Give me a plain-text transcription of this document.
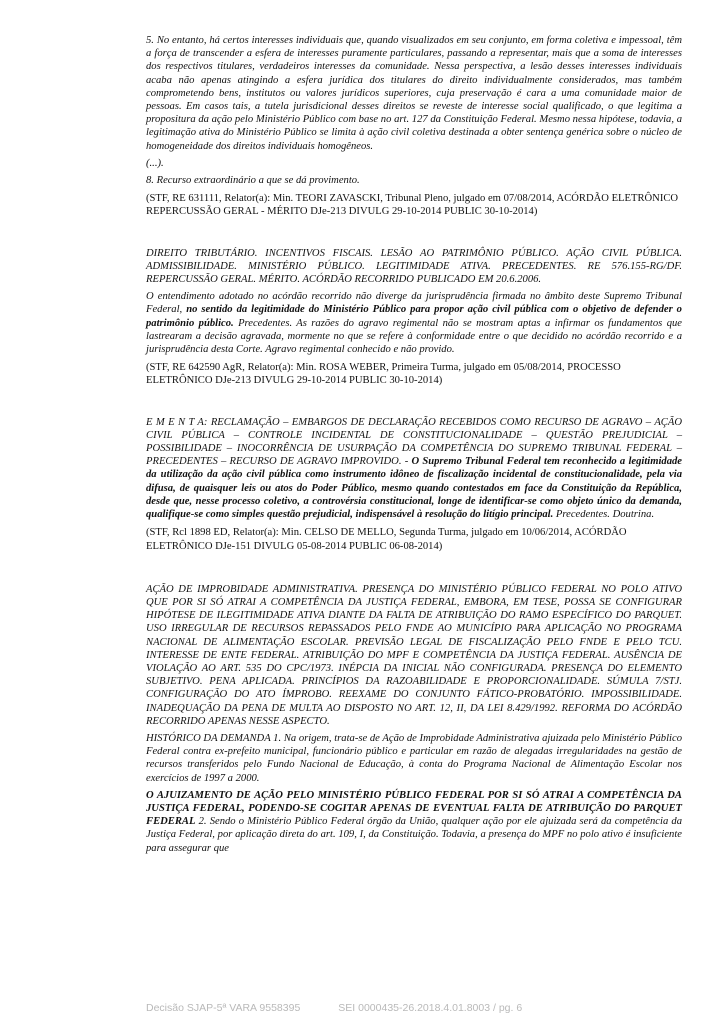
5. No entanto, há certos interesses individuais que, quando visualizados em seu conjunto, em forma coletiva e impessoal, têm a força de transcender a esfera de interesses puramente particulares, passando a representar, mais que a soma de interesses dos respectivos titulares, verdadeiros interesses da comunidade. Nessa perspectiva, a lesão desses interesses individuais acaba não apenas atingindo a esfera jurídica dos titulares do direito individualmente considerados, mas também comprometendo bens, institutos ou valores jurídicos superiores, cuja preservação é cara a uma comunidade maior de pessoas. Em casos tais, a tutela jurisdicional desses direitos se reveste de interesse social qualificado, o que legitima a propositura da ação pelo Ministério Público com base no art. 127 da Constituição Federal. Mesmo nessa hipótese, todavia, a legitimação ativa do Ministério Público se limita à ação civil coletiva destinada a obter sentença genérica sobre o núcleo de homogeneidade dos direitos individuais homogêneos.

(...).

8. Recurso extraordinário a que se dá provimento.

(STF, RE 631111, Relator(a): Min. TEORI ZAVASCKI, Tribunal Pleno, julgado em 07/08/2014, ACÓRDÃO ELETRÔNICO REPERCUSSÃO GERAL - MÉRITO DJe-213 DIVULG 29-10-2014 PUBLIC 30-10-2014)

DIREITO TRIBUTÁRIO. INCENTIVOS FISCAIS. LESÃO AO PATRIMÔNIO PÚBLICO. AÇÃO CIVIL PÚBLICA. ADMISSIBILIDADE. MINISTÉRIO PÚBLICO. LEGITIMIDADE ATIVA. PRECEDENTES. RE 576.155-RG/DF. REPERCUSSÃO GERAL. MÉRITO. ACÓRDÃO RECORRIDO PUBLICADO EM 20.6.2006.

O entendimento adotado no acórdão recorrido não diverge da jurisprudência firmada no âmbito deste Supremo Tribunal Federal, no sentido da legitimidade do Ministério Público para propor ação civil pública com o objetivo de defender o patrimônio público. Precedentes. As razões do agravo regimental não se mostram aptas a infirmar os fundamentos que lastrearam a decisão agravada, mormente no que se refere à conformidade entre o que decidido no acórdão recorrido e a jurisprudência desta Corte. Agravo regimental conhecido e não provido.

(STF, RE 642590 AgR, Relator(a): Min. ROSA WEBER, Primeira Turma, julgado em 05/08/2014, PROCESSO ELETRÔNICO DJe-213 DIVULG 29-10-2014 PUBLIC 30-10-2014)

E M E N T A: RECLAMAÇÃO – EMBARGOS DE DECLARAÇÃO RECEBIDOS COMO RECURSO DE AGRAVO – AÇÃO CIVIL PÚBLICA – CONTROLE INCIDENTAL DE CONSTITUCIONALIDADE – QUESTÃO PREJUDICIAL – POSSIBILIDADE – INOCORRÊNCIA DE USURPAÇÃO DA COMPETÊNCIA DO SUPREMO TRIBUNAL FEDERAL – PRECEDENTES – RECURSO DE AGRAVO IMPROVIDO. - O Supremo Tribunal Federal tem reconhecido a legitimidade da utilização da ação civil pública como instrumento idôneo de fiscalização incidental de constitucionalidade, pela via difusa, de quaisquer leis ou atos do Poder Público, mesmo quando contestados em face da Constituição da República, desde que, nesse processo coletivo, a controvérsia constitucional, longe de identificar-se como objeto único da demanda, qualifique-se como simples questão prejudicial, indispensável à resolução do litígio principal. Precedentes. Doutrina.

(STF, Rcl 1898 ED, Relator(a): Min. CELSO DE MELLO, Segunda Turma, julgado em 10/06/2014, ACÓRDÃO ELETRÔNICO DJe-151 DIVULG 05-08-2014 PUBLIC 06-08-2014)

AÇÃO DE IMPROBIDADE ADMINISTRATIVA. PRESENÇA DO MINISTÉRIO PÚBLICO FEDERAL NO POLO ATIVO QUE POR SI SÓ ATRAI A COMPETÊNCIA DA JUSTIÇA FEDERAL, EMBORA, EM TESE, POSSA SE CONFIGURAR HIPÓTESE DE ILEGITIMIDADE ATIVA DIANTE DA FALTA DE ATRIBUIÇÃO DO RAMO ESPECÍFICO DO PARQUET. USO IRREGULAR DE RECURSOS REPASSADOS PELO FNDE AO MUNICÍPIO PARA APLICAÇÃO NO PROGRAMA NACIONAL DE ALIMENTAÇÃO ESCOLAR. PREVISÃO LEGAL DE FISCALIZAÇÃO PELO FNDE E PELO TCU. INTERESSE DE ENTE FEDERAL. ATRIBUIÇÃO DO MPF E COMPETÊNCIA DA JUSTIÇA FEDERAL. AUSÊNCIA DE VIOLAÇÃO AO ART. 535 DO CPC/1973. INÉPCIA DA INICIAL NÃO CONFIGURADA. PRESENÇA DO ELEMENTO SUBJETIVO. PENA APLICADA. PRINCÍPIOS DA RAZOABILIDADE E PROPORCIONALIDADE. SÚMULA 7/STJ. CONFIGURAÇÃO DO ATO ÍMPROBO. REEXAME DO CONJUNTO FÁTICO-PROBATÓRIO. IMPOSSIBILIDADE. INADEQUAÇÃO DA PENA DE MULTA AO DISPOSTO NO ART. 12, II, DA LEI 8.429/1992. REFORMA DO ACÓRDÃO RECORRIDO APENAS NESSE ASPECTO.

HISTÓRICO DA DEMANDA 1. Na origem, trata-se de Ação de Improbidade Administrativa ajuizada pelo Ministério Público Federal contra ex-prefeito municipal, funcionário público e particular em razão de alegadas irregularidades na gestão de recursos transferidos pelo Fundo Nacional de Educação, à conta do Programa Nacional de Alimentação Escolar nos exercícios de 1997 a 2000.

O AJUIZAMENTO DE AÇÃO PELO MINISTÉRIO PÚBLICO FEDERAL POR SI SÓ ATRAI A COMPETÊNCIA DA JUSTIÇA FEDERAL, PODENDO-SE COGITAR APENAS DE EVENTUAL FALTA DE ATRIBUIÇÃO DO PARQUET FEDERAL 2. Sendo o Ministério Público Federal órgão da União, qualquer ação por ele ajuizada será da competência da Justiça Federal, por aplicação direta do art. 109, I, da Constituição. Todavia, a presença do MPF no polo ativo é insuficiente para assegurar que

Decisão SJAP-5ª VARA 9558395	SEI 0000435-26.2018.4.01.8003 / pg. 6
